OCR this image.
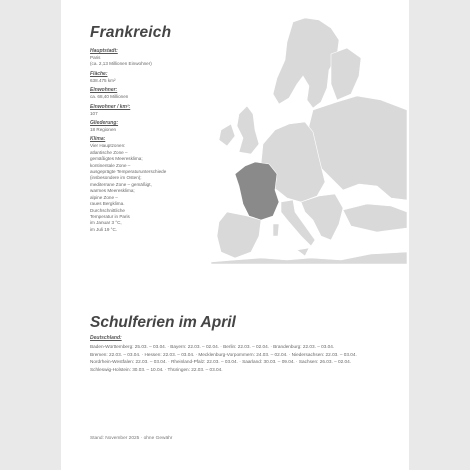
Frankreich
Hauptstadt:
Paris
(ca. 2,13 Millionen Einwohner)
Fläche:
638.475 km²
Einwohner:
ca. 68,40 Millionen
Einwohner / km²:
107
Gliederung:
18 Regionen
Klima:
Vier Hauptzonen:
atlantische Zone –
gemäßigtes Meeresklima;
kontinentale Zone –
ausgeprägte Temperaturunterschiede
(insbesondere im Osten);
mediterrane Zone – gemäßigt,
warmes Meeresklima;
alpine Zone –
raues Bergklima.
Durchschnittliche
Temperatur in Paris
im Januar 3 °C,
im Juli 19 °C.
Schulferien im April
Deutschland:
Baden-Württemberg: 25.03. – 03.04. · Bayern: 22.03. – 02.04. · Berlin: 22.03. – 02.04. · Brandenburg: 22.03. – 03.04.
Bremen: 22.03. – 03.04. · Hessen: 22.03. – 03.04. · Mecklenburg-Vorpommern: 24.03. – 02.04. · Niedersachsen: 22.03. – 03.04.
Nordrhein-Westfalen: 22.03. – 03.04. · Rheinland-Pfalz: 22.03. – 03.04. · Saarland: 30.03. – 09.04. · Sachsen: 26.03. – 02.04.
Schleswig-Holstein: 30.03. – 10.04. · Thüringen: 22.03. – 03.04.
Stand: November 2025 · ohne Gewähr
